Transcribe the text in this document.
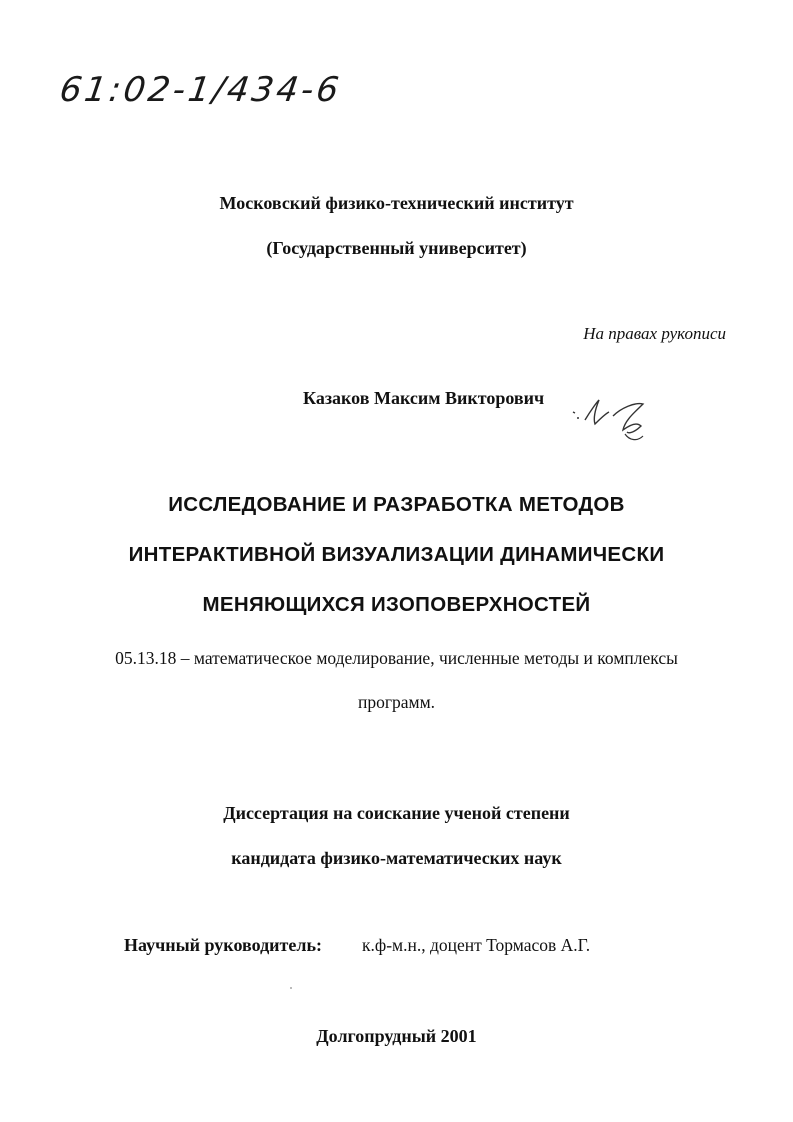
61:02-1/434-6
Московский физико-технический институт
(Государственный университет)
На правах рукописи
Казаков Максим Викторович
ИССЛЕДОВАНИЕ И РАЗРАБОТКА МЕТОДОВ
ИНТЕРАКТИВНОЙ ВИЗУАЛИЗАЦИИ ДИНАМИЧЕСКИ
МЕНЯЮЩИХСЯ ИЗОПОВЕРХНОСТЕЙ
05.13.18 – математическое моделирование, численные методы и комплексы
программ.
Диссертация на соискание ученой степени
кандидата физико-математических наук
Научный руководитель: к.ф-м.н., доцент Тормасов А.Г.
Долгопрудный 2001
